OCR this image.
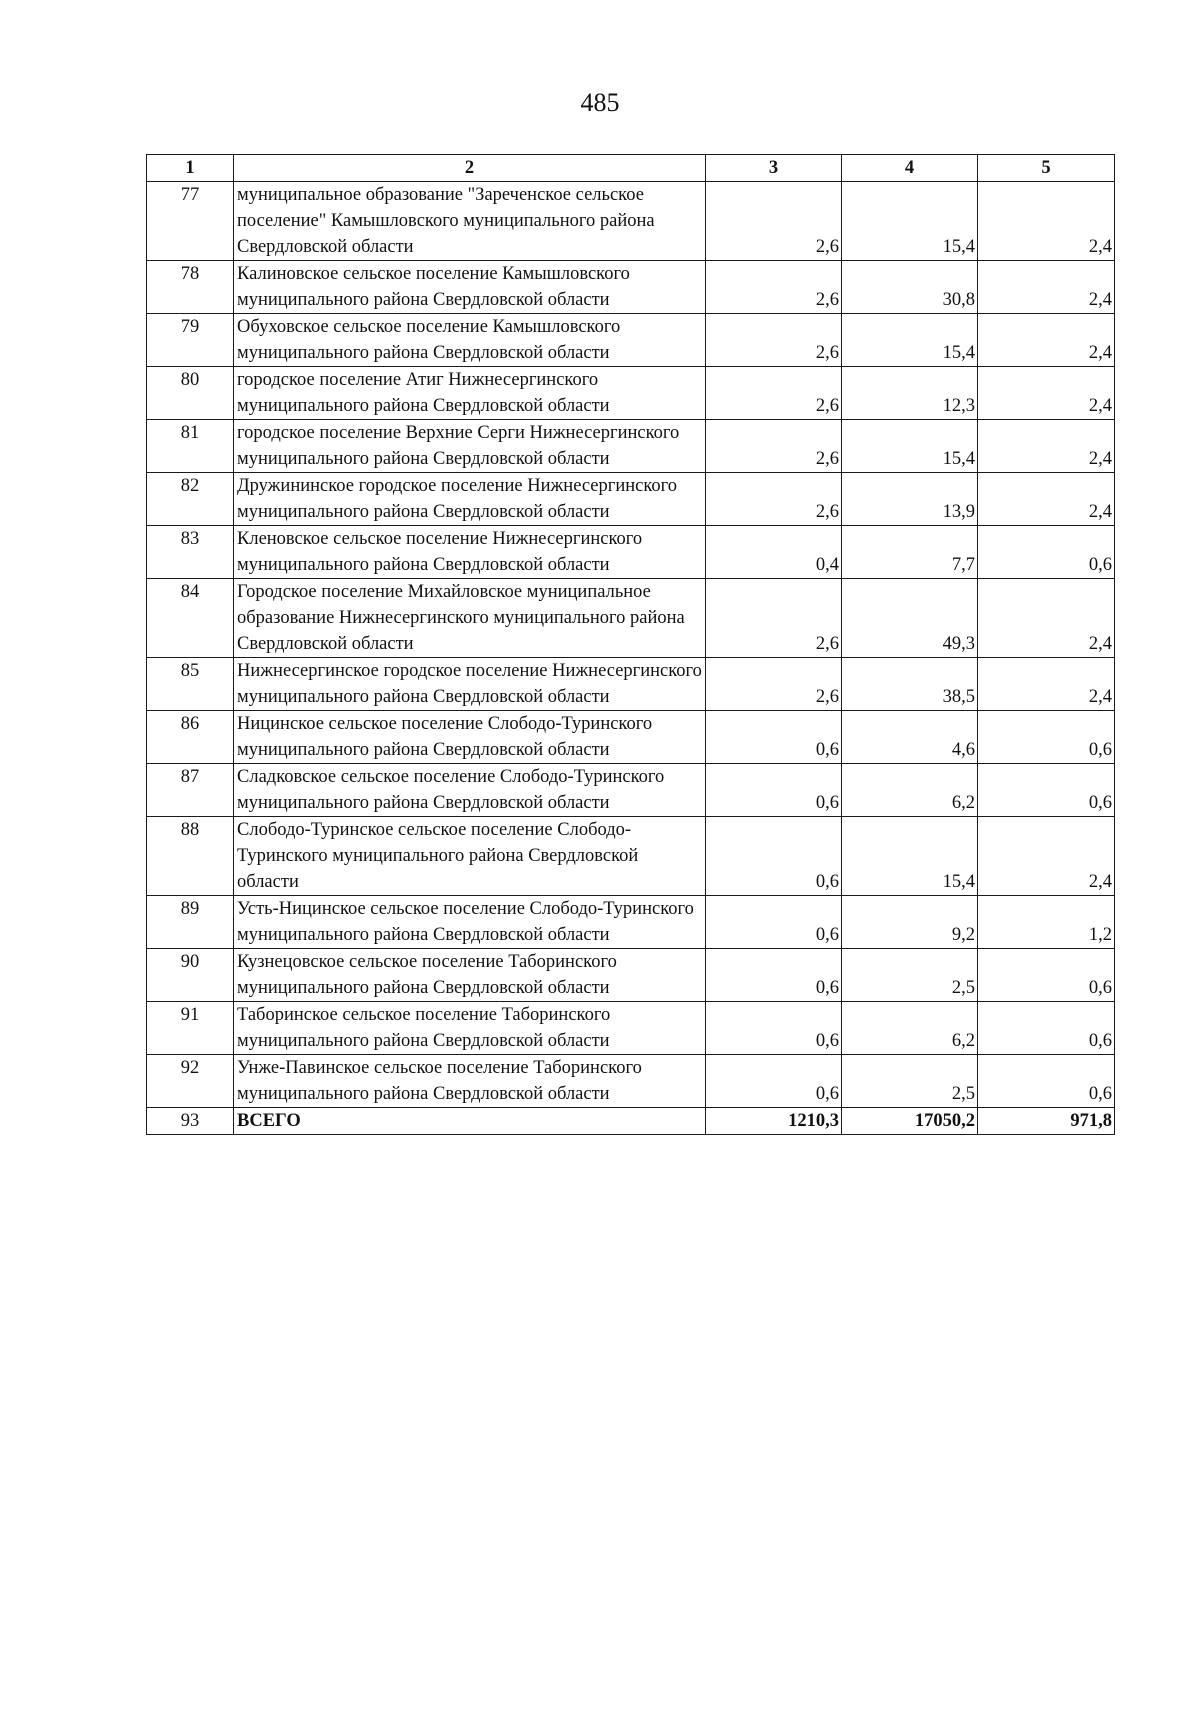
485
1	2	3	4	5
77	муниципальное образование "Зареченское сельское поселение" Камышловского муниципального района Свердловской области	2,6	15,4	2,4
78	Калиновское сельское поселение Камышловского муниципального района Свердловской области	2,6	30,8	2,4
79	Обуховское сельское поселение Камышловского муниципального района Свердловской области	2,6	15,4	2,4
80	городское поселение Атиг Нижнесергинского муниципального района Свердловской области	2,6	12,3	2,4
81	городское поселение Верхние Серги Нижнесергинского муниципального района Свердловской области	2,6	15,4	2,4
82	Дружининское городское поселение Нижнесергинского муниципального района Свердловской области	2,6	13,9	2,4
83	Кленовское сельское поселение Нижнесергинского муниципального района Свердловской области	0,4	7,7	0,6
84	Городское поселение Михайловское муниципальное образование Нижнесергинского муниципального района Свердловской области	2,6	49,3	2,4
85	Нижнесергинское городское поселение Нижнесергинского муниципального района Свердловской области	2,6	38,5	2,4
86	Ницинское сельское поселение Слободо-Туринского муниципального района Свердловской области	0,6	4,6	0,6
87	Сладковское сельское поселение Слободо-Туринского муниципального района Свердловской области	0,6	6,2	0,6
88	Слободо-Туринское сельское поселение Слободо-Туринского муниципального района Свердловской области	0,6	15,4	2,4
89	Усть-Ницинское сельское поселение Слободо-Туринского муниципального района Свердловской области	0,6	9,2	1,2
90	Кузнецовское сельское поселение Таборинского муниципального района Свердловской области	0,6	2,5	0,6
91	Таборинское сельское поселение Таборинского муниципального района Свердловской области	0,6	6,2	0,6
92	Унже-Павинское сельское поселение Таборинского муниципального района Свердловской области	0,6	2,5	0,6
93	ВСЕГО	1210,3	17050,2	971,8
